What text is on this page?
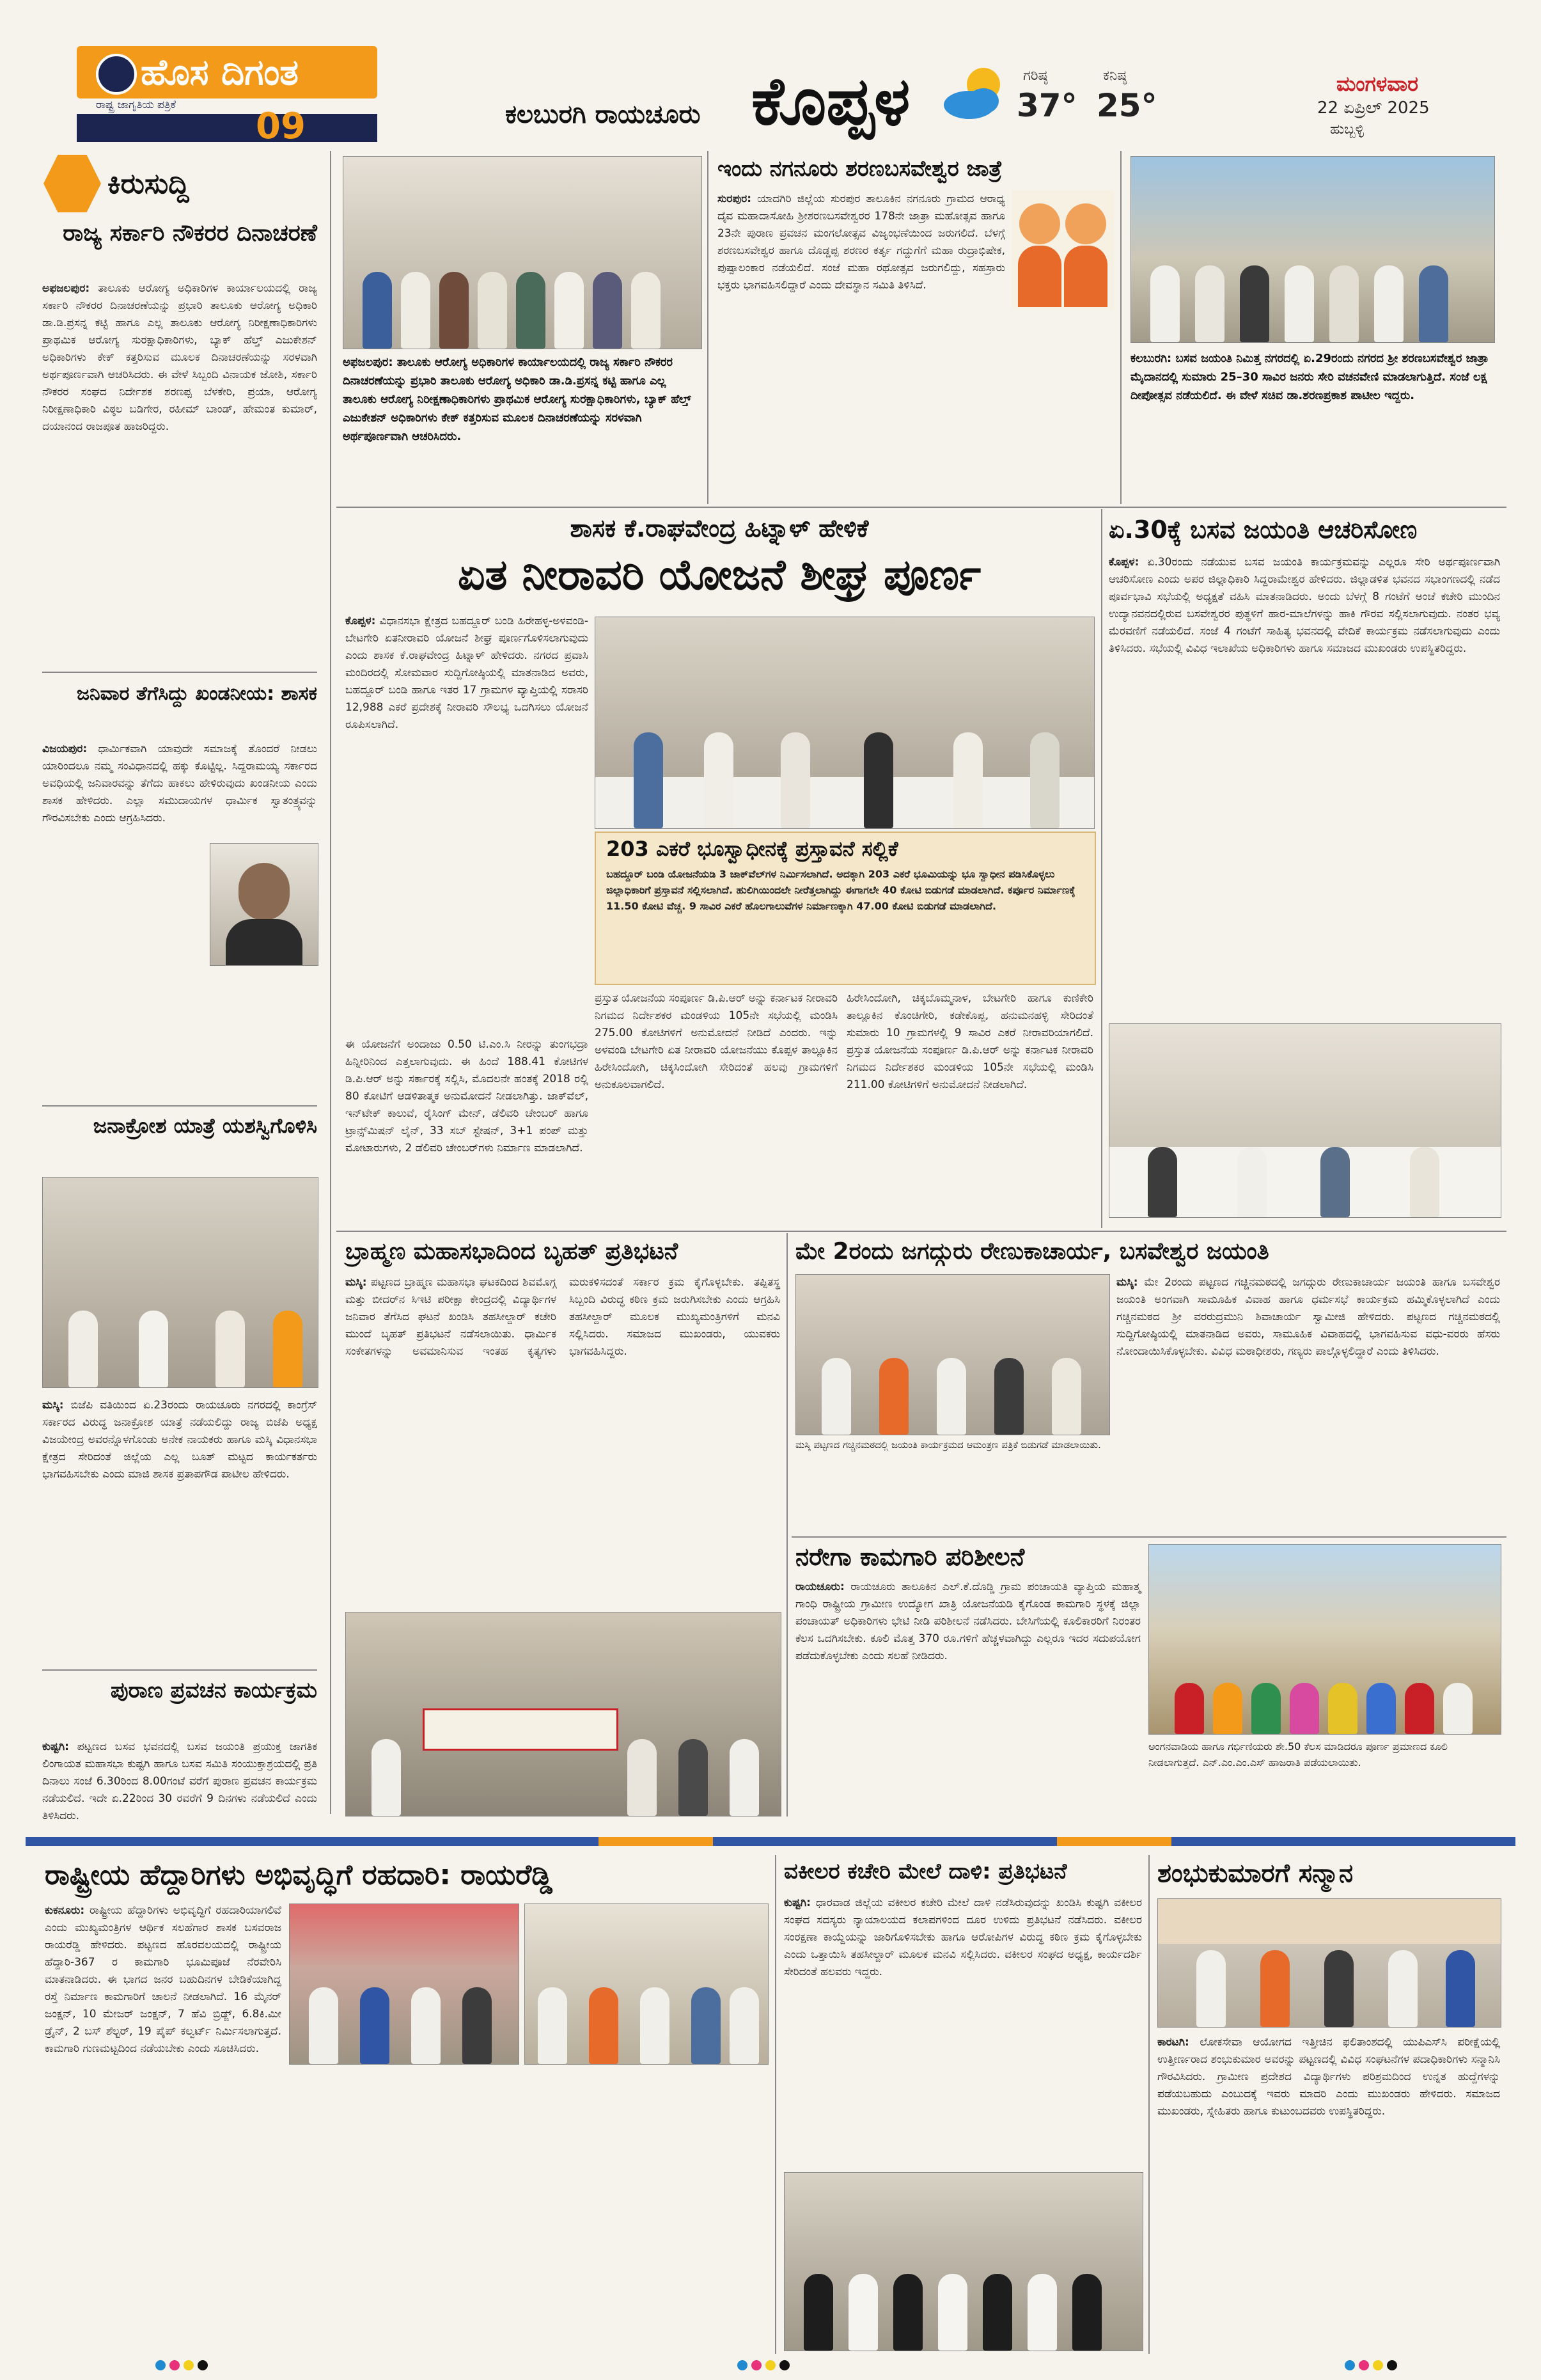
ಹೊಸ ದಿಗಂತ
ರಾಷ್ಟ್ರ ಜಾಗೃತಿಯ ಪತ್ರಿಕೆ
09	ಕಲಬುರಗಿ ರಾಯಚೂರು ಕೊಪ್ಪಳ	ಗರಿಷ್ಠ
37°
ಕನಿಷ್ಠ
25°
ಮಂಗಳವಾರ
22 ಏಪ್ರಿಲ್ 2025
ಹುಬ್ಬಳ್ಳಿ
ಕಿರುಸುದ್ದಿ
ರಾಜ್ಯ ಸರ್ಕಾರಿ ನೌಕರರ ದಿನಾಚರಣೆ
ಅಫಜಲಪುರ: ತಾಲೂಕು ಆರೋಗ್ಯ ಅಧಿಕಾರಿಗಳ ಕಾರ್ಯಾಲಯದಲ್ಲಿ ರಾಜ್ಯ ಸರ್ಕಾರಿ ನೌಕರರ ದಿನಾಚರಣೆಯನ್ನು ಪ್ರಭಾರಿ ತಾಲೂಕು ಆರೋಗ್ಯ ಅಧಿಕಾರಿ ಡಾ.ಡಿ.ಪ್ರಸನ್ನ ಕಟ್ಟಿ ಹಾಗೂ ಎಲ್ಲ ತಾಲೂಕು ಆರೋಗ್ಯ ನಿರೀಕ್ಷಣಾಧಿಕಾರಿಗಳು ಪ್ರಾಥಮಿಕ ಆರೋಗ್ಯ ಸುರಕ್ಷಾಧಿಕಾರಿಗಳು, ಬ್ಯಾಕ್ ಹೆಲ್ತ್ ಎಜುಕೇಶನ್ ಅಧಿಕಾರಿಗಳು ಕೇಕ್ ಕತ್ತರಿಸುವ ಮೂಲಕ ದಿನಾಚರಣೆಯನ್ನು ಸರಳವಾಗಿ ಅರ್ಥಪೂರ್ಣವಾಗಿ ಆಚರಿಸಿದರು. ಈ ವೇಳೆ ಸಿಬ್ಬಂದಿ ವಿನಾಯಕ ಜೋಶಿ, ಸರ್ಕಾರಿ ನೌಕರರ ಸಂಘದ ನಿರ್ದೇಶಕ ಶರಣಪ್ಪ ಬೆಳಕೇರಿ, ಪ್ರಯಾ, ಆರೋಗ್ಯ ನಿರೀಕ್ಷಣಾಧಿಕಾರಿ ವಿಠ್ಠಲ ಬಡಿಗೇರ, ರಹೀಮ್ ಬಾಂಡ್, ಹೇಮಂತ ಕುಮಾರ್, ದಯಾನಂದ ರಾಜಪೂತ ಹಾಜರಿದ್ದರು.
ಜನಿವಾರ ತೆಗೆಸಿದ್ದು ಖಂಡನೀಯ: ಶಾಸಕ
ವಿಜಯಪುರ: ಧಾರ್ಮಿಕವಾಗಿ ಯಾವುದೇ ಸಮಾಜಕ್ಕೆ ತೊಂದರೆ ನೀಡಲು ಯಾರಿಂದಲೂ ನಮ್ಮ ಸಂವಿಧಾನದಲ್ಲಿ ಹಕ್ಕು ಕೊಟ್ಟಿಲ್ಲ. ಸಿದ್ದರಾಮಯ್ಯ ಸರ್ಕಾರದ ಅವಧಿಯಲ್ಲಿ ಜನಿವಾರವನ್ನು ತೆಗೆದು ಹಾಕಲು ಹೇಳಿರುವುದು ಖಂಡನೀಯ ಎಂದು ಶಾಸಕ ಹೇಳಿದರು. ಎಲ್ಲಾ ಸಮುದಾಯಗಳ ಧಾರ್ಮಿಕ ಸ್ವಾತಂತ್ರ್ಯವನ್ನು ಗೌರವಿಸಬೇಕು ಎಂದು ಆಗ್ರಹಿಸಿದರು.
ಜನಾಕ್ರೋಶ ಯಾತ್ರೆ ಯಶಸ್ವಿಗೊಳಿಸಿ
ಮಸ್ಕಿ: ಬಿಜೆಪಿ ವತಿಯಿಂದ ಏ.23ರಂದು ರಾಯಚೂರು ನಗರದಲ್ಲಿ ಕಾಂಗ್ರೆಸ್ ಸರ್ಕಾರದ ವಿರುದ್ಧ ಜನಾಕ್ರೋಶ ಯಾತ್ರೆ ನಡೆಯಲಿದ್ದು ರಾಜ್ಯ ಬಿಜೆಪಿ ಅಧ್ಯಕ್ಷ ವಿಜಯೇಂದ್ರ ಅವರನ್ನೊಳಗೊಂಡು ಅನೇಕ ನಾಯಕರು ಹಾಗೂ ಮಸ್ಕಿ ವಿಧಾನಸಭಾ ಕ್ಷೇತ್ರದ ಸೇರಿದಂತೆ ಜಿಲ್ಲೆಯ ಎಲ್ಲ ಬೂತ್ ಮಟ್ಟದ ಕಾರ್ಯಕರ್ತರು ಭಾಗವಹಿಸಬೇಕು ಎಂದು ಮಾಜಿ ಶಾಸಕ ಪ್ರತಾಪಗೌಡ ಪಾಟೀಲ ಹೇಳಿದರು.
ಪುರಾಣ ಪ್ರವಚನ ಕಾರ್ಯಕ್ರಮ
ಕುಷ್ಟಗಿ: ಪಟ್ಟಣದ ಬಸವ ಭವನದಲ್ಲಿ ಬಸವ ಜಯಂತಿ ಪ್ರಯುಕ್ತ ಜಾಗತಿಕ ಲಿಂಗಾಯತ ಮಹಾಸಭಾ ಕುಷ್ಟಗಿ ಹಾಗೂ ಬಸವ ಸಮಿತಿ ಸಂಯುಕ್ತಾಶ್ರಯದಲ್ಲಿ ಪ್ರತಿ ದಿನಾಲು ಸಂಜೆ 6.30ರಿಂದ 8.00ಗಂಟೆ ವರೆಗೆ ಪುರಾಣ ಪ್ರವಚನ ಕಾರ್ಯಕ್ರಮ ನಡೆಯಲಿದೆ. ಇದೇ ಏ.22ರಿಂದ 30 ರವರೆಗೆ 9 ದಿನಗಳು ನಡೆಯಲಿದೆ ಎಂದು ತಿಳಿಸಿದರು.
ಅಫಜಲಪುರ: ತಾಲೂಕು ಆರೋಗ್ಯ ಅಧಿಕಾರಿಗಳ ಕಾರ್ಯಾಲಯದಲ್ಲಿ ರಾಜ್ಯ ಸರ್ಕಾರಿ ನೌಕರರ ದಿನಾಚರಣೆಯನ್ನು ಪ್ರಭಾರಿ ತಾಲೂಕು ಆರೋಗ್ಯ ಅಧಿಕಾರಿ ಡಾ.ಡಿ.ಪ್ರಸನ್ನ ಕಟ್ಟಿ ಹಾಗೂ ಎಲ್ಲ ತಾಲೂಕು ಆರೋಗ್ಯ ನಿರೀಕ್ಷಣಾಧಿಕಾರಿಗಳು ಪ್ರಾಥಮಿಕ ಆರೋಗ್ಯ ಸುರಕ್ಷಾಧಿಕಾರಿಗಳು, ಬ್ಯಾಕ್ ಹೆಲ್ತ್ ಎಜುಕೇಶನ್ ಅಧಿಕಾರಿಗಳು ಕೇಕ್ ಕತ್ತರಿಸುವ ಮೂಲಕ ದಿನಾಚರಣೆಯನ್ನು ಸರಳವಾಗಿ ಅರ್ಥಪೂರ್ಣವಾಗಿ ಆಚರಿಸಿದರು.
ಇಂದು ನಗನೂರು ಶರಣಬಸವೇಶ್ವರ ಜಾತ್ರೆ
ಸುರಪುರ: ಯಾದಗಿರಿ ಜಿಲ್ಲೆಯ ಸುರಪುರ ತಾಲೂಕಿನ ನಗನೂರು ಗ್ರಾಮದ ಆರಾಧ್ಯ ದೈವ ಮಹಾದಾಸೋಹಿ ಶ್ರೀಶರಣಬಸವೇಶ್ವರರ 178ನೇ ಜಾತ್ರಾ ಮಹೋತ್ಸವ ಹಾಗೂ 23ನೇ ಪುರಾಣ ಪ್ರವಚನ ಮಂಗಲೋತ್ಸವ ವಿಜೃಂಭಣೆಯಿಂದ ಜರುಗಲಿದೆ. ಬೆಳಗ್ಗೆ ಶರಣಬಸವೇಶ್ವರ ಹಾಗೂ ದೊಡ್ಡಪ್ಪ ಶರಣರ ಕರ್ತೃ ಗದ್ದುಗೆಗೆ ಮಹಾ ರುದ್ರಾಭಿಷೇಕ, ಪುಷ್ಪಾಲಂಕಾರ ನಡೆಯಲಿದೆ. ಸಂಜೆ ಮಹಾ ರಥೋತ್ಸವ ಜರುಗಲಿದ್ದು, ಸಹಸ್ರಾರು ಭಕ್ತರು ಭಾಗವಹಿಸಲಿದ್ದಾರೆ ಎಂದು ದೇವಸ್ಥಾನ ಸಮಿತಿ ತಿಳಿಸಿದೆ.
ಕಲಬುರಗಿ: ಬಸವ ಜಯಂತಿ ನಿಮಿತ್ತ ನಗರದಲ್ಲಿ ಏ.29ರಂದು ನಗರದ ಶ್ರೀ ಶರಣಬಸವೇಶ್ವರ ಜಾತ್ರಾ ಮೈದಾನದಲ್ಲಿ ಸುಮಾರು 25–30 ಸಾವಿರ ಜನರು ಸೇರಿ ವಚನವೇಣಿ ಮಾಡಲಾಗುತ್ತಿದೆ. ಸಂಜೆ ಲಕ್ಷ ದೀಪೋತ್ಸವ ನಡೆಯಲಿದೆ. ಈ ವೇಳೆ ಸಚಿವ ಡಾ.ಶರಣಪ್ರಕಾಶ ಪಾಟೀಲ ಇದ್ದರು.
ಶಾಸಕ ಕೆ.ರಾಘವೇಂದ್ರ ಹಿಟ್ನಾಳ್ ಹೇಳಿಕೆ
ಏತ ನೀರಾವರಿ ಯೋಜನೆ ಶೀಘ್ರ ಪೂರ್ಣ
ಕೊಪ್ಪಳ: ವಿಧಾನಸಭಾ ಕ್ಷೇತ್ರದ ಬಹದ್ದೂರ್ ಬಂಡಿ ಹಿರೇಹಳ್ಳ-ಅಳವಂಡಿ-ಬೇಟಗೇರಿ ಏತನೀರಾವರಿ ಯೋಜನೆ ಶೀಘ್ರ ಪೂರ್ಣಗೊಳಿಸಲಾಗುವುದು ಎಂದು ಶಾಸಕ ಕೆ.ರಾಘವೇಂದ್ರ ಹಿಟ್ನಾಳ್ ಹೇಳಿದರು. ನಗರದ ಪ್ರವಾಸಿ ಮಂದಿರದಲ್ಲಿ ಸೋಮವಾರ ಸುದ್ದಿಗೋಷ್ಠಿಯಲ್ಲಿ ಮಾತನಾಡಿದ ಅವರು, ಬಹದ್ದೂರ್ ಬಂಡಿ ಹಾಗೂ ಇತರ 17 ಗ್ರಾಮಗಳ ವ್ಯಾಪ್ತಿಯಲ್ಲಿ ಸರಾಸರಿ 12,988 ಎಕರೆ ಪ್ರದೇಶಕ್ಕೆ ನೀರಾವರಿ ಸೌಲಭ್ಯ ಒದಗಿಸಲು ಯೋಜನೆ ರೂಪಿಸಲಾಗಿದೆ.
ಈ ಯೋಜನೆಗೆ ಅಂದಾಜು 0.50 ಟಿ.ಎಂ.ಸಿ ನೀರನ್ನು ತುಂಗಭದ್ರಾ ಹಿನ್ನೀರಿನಿಂದ ಎತ್ತಲಾಗುವುದು. ಈ ಹಿಂದೆ 188.41 ಕೋಟಿಗಳ ಡಿ.ಪಿ.ಆರ್ ಅನ್ನು ಸರ್ಕಾರಕ್ಕೆ ಸಲ್ಲಿಸಿ, ಮೊದಲನೇ ಹಂತಕ್ಕೆ 2018 ರಲ್ಲಿ 80 ಕೋಟಿಗೆ ಆಡಳಿತಾತ್ಮಕ ಅನುಮೋದನೆ ನೀಡಲಾಗಿತ್ತು. ಜಾಕ್‌ವೆಲ್, ಇನ್‌ಟೇಕ್ ಕಾಲುವೆ, ರೈಸಿಂಗ್ ಮೇನ್, ಡೆಲಿವರಿ ಚೇಂಬರ್ ಹಾಗೂ ಟ್ರಾನ್ಸ್‌ಮಿಷನ್ ಲೈನ್, 33 ಸಬ್ ಸ್ಟೇಷನ್, 3+1 ಪಂಪ್ ಮತ್ತು ಮೋಟಾರುಗಳು, 2 ಡೆಲಿವರಿ ಚೇಂಬರ್‌ಗಳು ನಿರ್ಮಾಣ ಮಾಡಲಾಗಿದೆ.
203 ಎಕರೆ ಭೂಸ್ವಾಧೀನಕ್ಕೆ ಪ್ರಸ್ತಾವನೆ ಸಲ್ಲಿಕೆ
ಬಹದ್ದೂರ್ ಬಂಡಿ ಯೋಜನೆಯಡಿ 3 ಜಾಕ್‌ವೆಲ್‌ಗಳ ನಿರ್ಮಿಸಲಾಗಿದೆ. ಅದಕ್ಕಾಗಿ 203 ಎಕರೆ ಭೂಮಿಯನ್ನು ಭೂ ಸ್ವಾಧೀನ ಪಡಿಸಿಕೊಳ್ಳಲು ಜಿಲ್ಲಾಧಿಕಾರಿಗೆ ಪ್ರಸ್ತಾವನೆ ಸಲ್ಲಿಸಲಾಗಿದೆ. ಹುಲಿಗಿಯಿಂದಲೇ ನೀರೆತ್ತಲಾಗಿದ್ದು ಈಗಾಗಲೇ 40 ಕೋಟಿ ಬಿಡುಗಡೆ ಮಾಡಲಾಗಿದೆ. ಕರ್ಪೂರ ನಿರ್ಮಾಣಕ್ಕೆ 11.50 ಕೋಟಿ ವೆಚ್ಚ. 9 ಸಾವಿರ ಎಕರೆ ಹೊಲಗಾಲುವೆಗಳ ನಿರ್ಮಾಣಕ್ಕಾಗಿ 47.00 ಕೋಟಿ ಬಿಡುಗಡೆ ಮಾಡಲಾಗಿದೆ.
ಪ್ರಸ್ತುತ ಯೋಜನೆಯ ಸಂಪೂರ್ಣ ಡಿ.ಪಿ.ಆರ್ ಅನ್ನು ಕರ್ನಾಟಕ ನೀರಾವರಿ ನಿಗಮದ ನಿರ್ದೇಶಕರ ಮಂಡಳಿಯ 105ನೇ ಸಭೆಯಲ್ಲಿ ಮಂಡಿಸಿ 275.00 ಕೋಟಿಗಳಿಗೆ ಅನುಮೋದನೆ ನೀಡಿದೆ ಎಂದರು. ಇನ್ನು ಅಳವಂಡಿ ಬೇಟಗೇರಿ ಏತ ನೀರಾವರಿ ಯೋಜನೆಯು ಕೊಪ್ಪಳ ತಾಲ್ಲೂಕಿನ ಹಿರೇಸಿಂದೋಗಿ, ಚಿಕ್ಕಸಿಂದೋಗಿ ಸೇರಿದಂತೆ ಹಲವು ಗ್ರಾಮಗಳಿಗೆ ಅನುಕೂಲವಾಗಲಿದೆ.
ಹಿರೇಸಿಂದೋಗಿ, ಚಿಕ್ಕಬೊಮ್ಮನಾಳ, ಬೇಟಗೇರಿ ಹಾಗೂ ಕುಣಿಕೇರಿ ತಾಲ್ಲೂಕಿನ ಕೊಂಚಿಗೇರಿ, ಕಡೇಕೊಪ್ಪ, ಹನುಮನಹಳ್ಳಿ ಸೇರಿದಂತೆ ಸುಮಾರು 10 ಗ್ರಾಮಗಳಲ್ಲಿ 9 ಸಾವಿರ ಎಕರೆ ನೀರಾವರಿಯಾಗಲಿದೆ. ಪ್ರಸ್ತುತ ಯೋಜನೆಯ ಸಂಪೂರ್ಣ ಡಿ.ಪಿ.ಆರ್ ಅನ್ನು ಕರ್ನಾಟಕ ನೀರಾವರಿ ನಿಗಮದ ನಿರ್ದೇಶಕರ ಮಂಡಳಿಯ 105ನೇ ಸಭೆಯಲ್ಲಿ ಮಂಡಿಸಿ 211.00 ಕೋಟಿಗಳಿಗೆ ಅನುಮೋದನೆ ನೀಡಲಾಗಿದೆ.
ಏ.30ಕ್ಕೆ ಬಸವ ಜಯಂತಿ ಆಚರಿಸೋಣ
ಕೊಪ್ಪಳ: ಏ.30ರಂದು ನಡೆಯುವ ಬಸವ ಜಯಂತಿ ಕಾರ್ಯಕ್ರಮವನ್ನು ಎಲ್ಲರೂ ಸೇರಿ ಅರ್ಥಪೂರ್ಣವಾಗಿ ಆಚರಿಸೋಣ ಎಂದು ಅಪರ ಜಿಲ್ಲಾಧಿಕಾರಿ ಸಿದ್ದರಾಮೇಶ್ವರ ಹೇಳಿದರು. ಜಿಲ್ಲಾಡಳಿತ ಭವನದ ಸಭಾಂಗಣದಲ್ಲಿ ನಡೆದ ಪೂರ್ವಭಾವಿ ಸಭೆಯಲ್ಲಿ ಅಧ್ಯಕ್ಷತೆ ವಹಿಸಿ ಮಾತನಾಡಿದರು. ಅಂದು ಬೆಳಗ್ಗೆ 8 ಗಂಟೆಗೆ ಅಂಚೆ ಕಚೇರಿ ಮುಂದಿನ ಉದ್ಯಾನವನದಲ್ಲಿರುವ ಬಸವೇಶ್ವರರ ಪುತ್ಥಳಿಗೆ ಹಾರ-ಮಾಲೆಗಳನ್ನು ಹಾಕಿ ಗೌರವ ಸಲ್ಲಿಸಲಾಗುವುದು. ನಂತರ ಭವ್ಯ ಮೆರವಣಿಗೆ ನಡೆಯಲಿದೆ. ಸಂಜೆ 4 ಗಂಟೆಗೆ ಸಾಹಿತ್ಯ ಭವನದಲ್ಲಿ ವೇದಿಕೆ ಕಾರ್ಯಕ್ರಮ ನಡೆಸಲಾಗುವುದು ಎಂದು ತಿಳಿಸಿದರು. ಸಭೆಯಲ್ಲಿ ವಿವಿಧ ಇಲಾಖೆಯ ಅಧಿಕಾರಿಗಳು ಹಾಗೂ ಸಮಾಜದ ಮುಖಂಡರು ಉಪಸ್ಥಿತರಿದ್ದರು.
ಬ್ರಾಹ್ಮಣ ಮಹಾಸಭಾದಿಂದ ಬೃಹತ್ ಪ್ರತಿಭಟನೆ
ಮಸ್ಕಿ: ಪಟ್ಟಣದ ಬ್ರಾಹ್ಮಣ ಮಹಾಸಭಾ ಘಟಕದಿಂದ ಶಿವಮೊಗ್ಗ ಮತ್ತು ಬೀದರ್‌ನ ಸಿಇಟಿ ಪರೀಕ್ಷಾ ಕೇಂದ್ರದಲ್ಲಿ ವಿದ್ಯಾರ್ಥಿಗಳ ಜನಿವಾರ ತೆಗೆಸಿದ ಘಟನೆ ಖಂಡಿಸಿ ತಹಸೀಲ್ದಾರ್ ಕಚೇರಿ ಮುಂದೆ ಬೃಹತ್ ಪ್ರತಿಭಟನೆ ನಡೆಸಲಾಯಿತು. ಧಾರ್ಮಿಕ ಸಂಕೇತಗಳನ್ನು ಅವಮಾನಿಸುವ ಇಂತಹ ಕೃತ್ಯಗಳು ಮರುಕಳಿಸದಂತೆ ಸರ್ಕಾರ ಕ್ರಮ ಕೈಗೊಳ್ಳಬೇಕು. ತಪ್ಪಿತಸ್ಥ ಸಿಬ್ಬಂದಿ ವಿರುದ್ಧ ಕಠಿಣ ಕ್ರಮ ಜರುಗಿಸಬೇಕು ಎಂದು ಆಗ್ರಹಿಸಿ ತಹಸೀಲ್ದಾರ್ ಮೂಲಕ ಮುಖ್ಯಮಂತ್ರಿಗಳಿಗೆ ಮನವಿ ಸಲ್ಲಿಸಿದರು. ಸಮಾಜದ ಮುಖಂಡರು, ಯುವಕರು ಭಾಗವಹಿಸಿದ್ದರು.
ಮೇ 2ರಂದು ಜಗದ್ಗುರು ರೇಣುಕಾಚಾರ್ಯ, ಬಸವೇಶ್ವರ ಜಯಂತಿ
ಮಸ್ಕಿ ಪಟ್ಟಣದ ಗಚ್ಚಿನಮಠದಲ್ಲಿ ಜಯಂತಿ ಕಾರ್ಯಕ್ರಮದ ಆಮಂತ್ರಣ ಪತ್ರಿಕೆ ಬಿಡುಗಡೆ ಮಾಡಲಾಯಿತು.
ಮಸ್ಕಿ: ಮೇ 2ರಂದು ಪಟ್ಟಣದ ಗಚ್ಚಿನಮಠದಲ್ಲಿ ಜಗದ್ಗುರು ರೇಣುಕಾಚಾರ್ಯ ಜಯಂತಿ ಹಾಗೂ ಬಸವೇಶ್ವರ ಜಯಂತಿ ಅಂಗವಾಗಿ ಸಾಮೂಹಿಕ ವಿವಾಹ ಹಾಗೂ ಧರ್ಮಸಭೆ ಕಾರ್ಯಕ್ರಮ ಹಮ್ಮಿಕೊಳ್ಳಲಾಗಿದೆ ಎಂದು ಗಚ್ಚಿನಮಠದ ಶ್ರೀ ವರರುದ್ರಮುನಿ ಶಿವಾಚಾರ್ಯ ಸ್ವಾಮೀಜಿ ಹೇಳಿದರು. ಪಟ್ಟಣದ ಗಚ್ಚಿನಮಠದಲ್ಲಿ ಸುದ್ದಿಗೋಷ್ಠಿಯಲ್ಲಿ ಮಾತನಾಡಿದ ಅವರು, ಸಾಮೂಹಿಕ ವಿವಾಹದಲ್ಲಿ ಭಾಗವಹಿಸುವ ವಧು-ವರರು ಹೆಸರು ನೋಂದಾಯಿಸಿಕೊಳ್ಳಬೇಕು. ವಿವಿಧ ಮಠಾಧೀಶರು, ಗಣ್ಯರು ಪಾಲ್ಗೊಳ್ಳಲಿದ್ದಾರೆ ಎಂದು ತಿಳಿಸಿದರು.
ನರೇಗಾ ಕಾಮಗಾರಿ ಪರಿಶೀಲನೆ
ರಾಯಚೂರು: ರಾಯಚೂರು ತಾಲೂಕಿನ ಎಲ್.ಕೆ.ದೊಡ್ಡಿ ಗ್ರಾಮ ಪಂಚಾಯತಿ ವ್ಯಾಪ್ತಿಯ ಮಹಾತ್ಮ ಗಾಂಧಿ ರಾಷ್ಟ್ರೀಯ ಗ್ರಾಮೀಣ ಉದ್ಯೋಗ ಖಾತ್ರಿ ಯೋಜನೆಯಡಿ ಕೈಗೊಂಡ ಕಾಮಗಾರಿ ಸ್ಥಳಕ್ಕೆ ಜಿಲ್ಲಾ ಪಂಚಾಯತ್ ಅಧಿಕಾರಿಗಳು ಭೇಟಿ ನೀಡಿ ಪರಿಶೀಲನೆ ನಡೆಸಿದರು. ಬೇಸಿಗೆಯಲ್ಲಿ ಕೂಲಿಕಾರರಿಗೆ ನಿರಂತರ ಕೆಲಸ ಒದಗಿಸಬೇಕು. ಕೂಲಿ ಮೊತ್ತ 370 ರೂ.ಗಳಿಗೆ ಹೆಚ್ಚಳವಾಗಿದ್ದು ಎಲ್ಲರೂ ಇದರ ಸದುಪಯೋಗ ಪಡೆದುಕೊಳ್ಳಬೇಕು ಎಂದು ಸಲಹೆ ನೀಡಿದರು.
ಅಂಗನವಾಡಿಯ ಹಾಗೂ ಗರ್ಭಿಣಿಯರು ಶೇ.50 ಕೆಲಸ ಮಾಡಿದರೂ ಪೂರ್ಣ ಪ್ರಮಾಣದ ಕೂಲಿ ನೀಡಲಾಗುತ್ತದೆ. ಎನ್.ಎಂ.ಎಂ.ಎಸ್ ಹಾಜರಾತಿ ಪಡೆಯಲಾಯಿತು.
ರಾಷ್ಟ್ರೀಯ ಹೆದ್ದಾರಿಗಳು ಅಭಿವೃದ್ಧಿಗೆ ರಹದಾರಿ: ರಾಯರೆಡ್ಡಿ
ಕುಕನೂರು: ರಾಷ್ಟ್ರೀಯ ಹೆದ್ದಾರಿಗಳು ಅಭಿವೃದ್ಧಿಗೆ ರಹದಾರಿಯಾಗಲಿವೆ ಎಂದು ಮುಖ್ಯಮಂತ್ರಿಗಳ ಆರ್ಥಿಕ ಸಲಹೆಗಾರ ಶಾಸಕ ಬಸವರಾಜ ರಾಯರೆಡ್ಡಿ ಹೇಳಿದರು. ಪಟ್ಟಣದ ಹೊರವಲಯದಲ್ಲಿ ರಾಷ್ಟ್ರೀಯ ಹೆದ್ದಾರಿ-367 ರ ಕಾಮಗಾರಿ ಭೂಮಿಪೂಜೆ ನೆರವೇರಿಸಿ ಮಾತನಾಡಿದರು. ಈ ಭಾಗದ ಜನರ ಬಹುದಿನಗಳ ಬೇಡಿಕೆಯಾಗಿದ್ದ ರಸ್ತೆ ನಿರ್ಮಾಣ ಕಾಮಗಾರಿಗೆ ಚಾಲನೆ ನೀಡಲಾಗಿದೆ. 16 ಮೈನರ್ ಜಂಕ್ಷನ್, 10 ಮೇಜರ್ ಜಂಕ್ಷನ್, 7 ಹೆವಿ ಬ್ರಿಡ್ಜ್, 6.8ಕಿ.ಮೀ ಡ್ರೈನ್, 2 ಬಸ್ ಶೆಲ್ಟರ್, 19 ಪೈಪ್ ಕಲ್ವರ್ಟ್ ನಿರ್ಮಿಸಲಾಗುತ್ತದೆ. ಕಾಮಗಾರಿ ಗುಣಮಟ್ಟದಿಂದ ನಡೆಯಬೇಕು ಎಂದು ಸೂಚಿಸಿದರು.
ವಕೀಲರ ಕಚೇರಿ ಮೇಲೆ ದಾಳಿ: ಪ್ರತಿಭಟನೆ
ಕುಷ್ಟಗಿ: ಧಾರವಾಡ ಜಿಲ್ಲೆಯ ವಕೀಲರ ಕಚೇರಿ ಮೇಲೆ ದಾಳಿ ನಡೆಸಿರುವುದನ್ನು ಖಂಡಿಸಿ ಕುಷ್ಟಗಿ ವಕೀಲರ ಸಂಘದ ಸದಸ್ಯರು ನ್ಯಾಯಾಲಯದ ಕಲಾಪಗಳಿಂದ ದೂರ ಉಳಿದು ಪ್ರತಿಭಟನೆ ನಡೆಸಿದರು. ವಕೀಲರ ಸಂರಕ್ಷಣಾ ಕಾಯ್ದೆಯನ್ನು ಜಾರಿಗೊಳಿಸಬೇಕು ಹಾಗೂ ಆರೋಪಿಗಳ ವಿರುದ್ಧ ಕಠಿಣ ಕ್ರಮ ಕೈಗೊಳ್ಳಬೇಕು ಎಂದು ಒತ್ತಾಯಿಸಿ ತಹಸೀಲ್ದಾರ್ ಮೂಲಕ ಮನವಿ ಸಲ್ಲಿಸಿದರು. ವಕೀಲರ ಸಂಘದ ಅಧ್ಯಕ್ಷ, ಕಾರ್ಯದರ್ಶಿ ಸೇರಿದಂತೆ ಹಲವರು ಇದ್ದರು.
ಶಂಭುಕುಮಾರಗೆ ಸನ್ಮಾನ
ಕಾರಟಗಿ: ಲೋಕಸೇವಾ ಆಯೋಗದ ಇತ್ತೀಚಿನ ಫಲಿತಾಂಶದಲ್ಲಿ ಯುಪಿಎಸ್‌ಸಿ ಪರೀಕ್ಷೆಯಲ್ಲಿ ಉತ್ತೀರ್ಣರಾದ ಶಂಭುಕುಮಾರ ಅವರನ್ನು ಪಟ್ಟಣದಲ್ಲಿ ವಿವಿಧ ಸಂಘಟನೆಗಳ ಪದಾಧಿಕಾರಿಗಳು ಸನ್ಮಾನಿಸಿ ಗೌರವಿಸಿದರು. ಗ್ರಾಮೀಣ ಪ್ರದೇಶದ ವಿದ್ಯಾರ್ಥಿಗಳು ಪರಿಶ್ರಮದಿಂದ ಉನ್ನತ ಹುದ್ದೆಗಳನ್ನು ಪಡೆಯಬಹುದು ಎಂಬುದಕ್ಕೆ ಇವರು ಮಾದರಿ ಎಂದು ಮುಖಂಡರು ಹೇಳಿದರು. ಸಮಾಜದ ಮುಖಂಡರು, ಸ್ನೇಹಿತರು ಹಾಗೂ ಕುಟುಂಬದವರು ಉಪಸ್ಥಿತರಿದ್ದರು.
